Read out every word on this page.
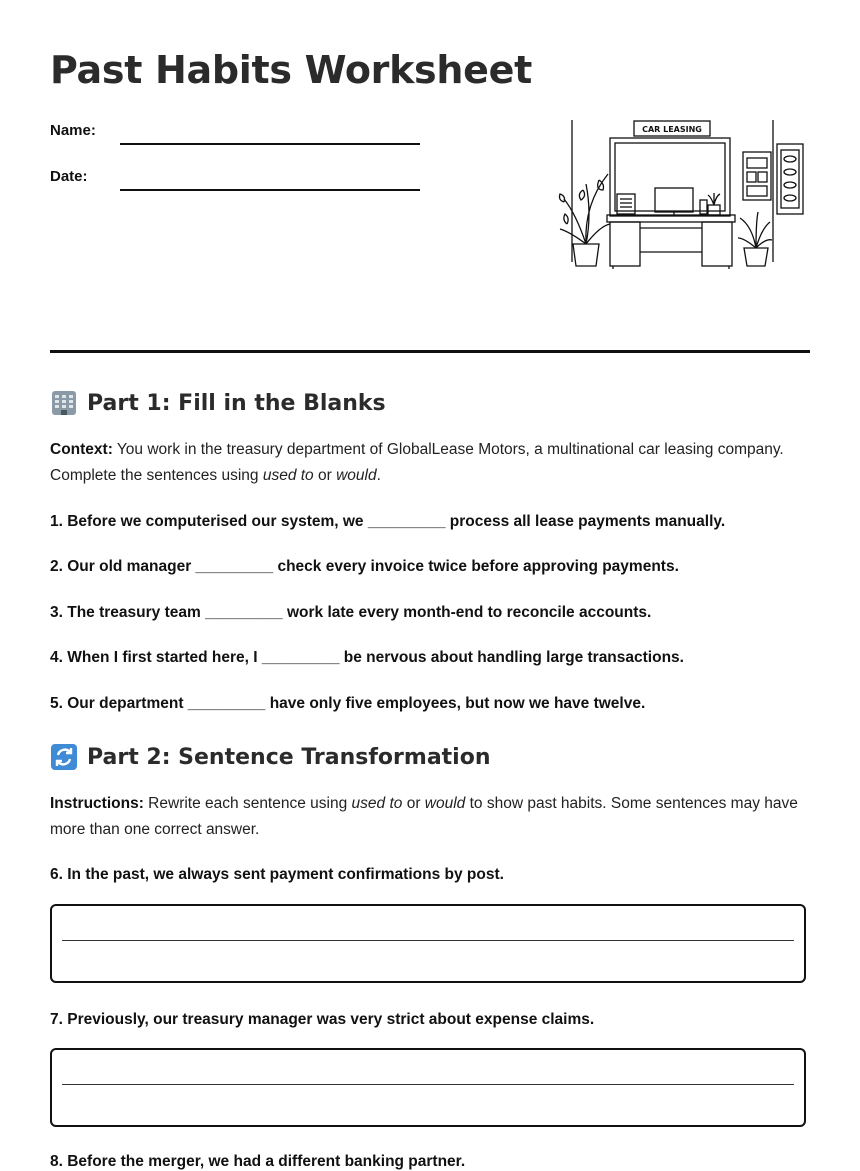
Past Habits Worksheet
Name:
Date:
CAR LEASING
Part 1: Fill in the Blanks
Context: You work in the treasury department of GlobalLease Motors, a multinational car leasing company. Complete the sentences using used to or would.
1. Before we computerised our system, we _________ process all lease payments manually.
2. Our old manager _________ check every invoice twice before approving payments.
3. The treasury team _________ work late every month-end to reconcile accounts.
4. When I first started here, I _________ be nervous about handling large transactions.
5. Our department _________ have only five employees, but now we have twelve.
Part 2: Sentence Transformation
Instructions: Rewrite each sentence using used to or would to show past habits. Some sentences may have more than one correct answer.
6. In the past, we always sent payment confirmations by post.
7. Previously, our treasury manager was very strict about expense claims.
8. Before the merger, we had a different banking partner.
